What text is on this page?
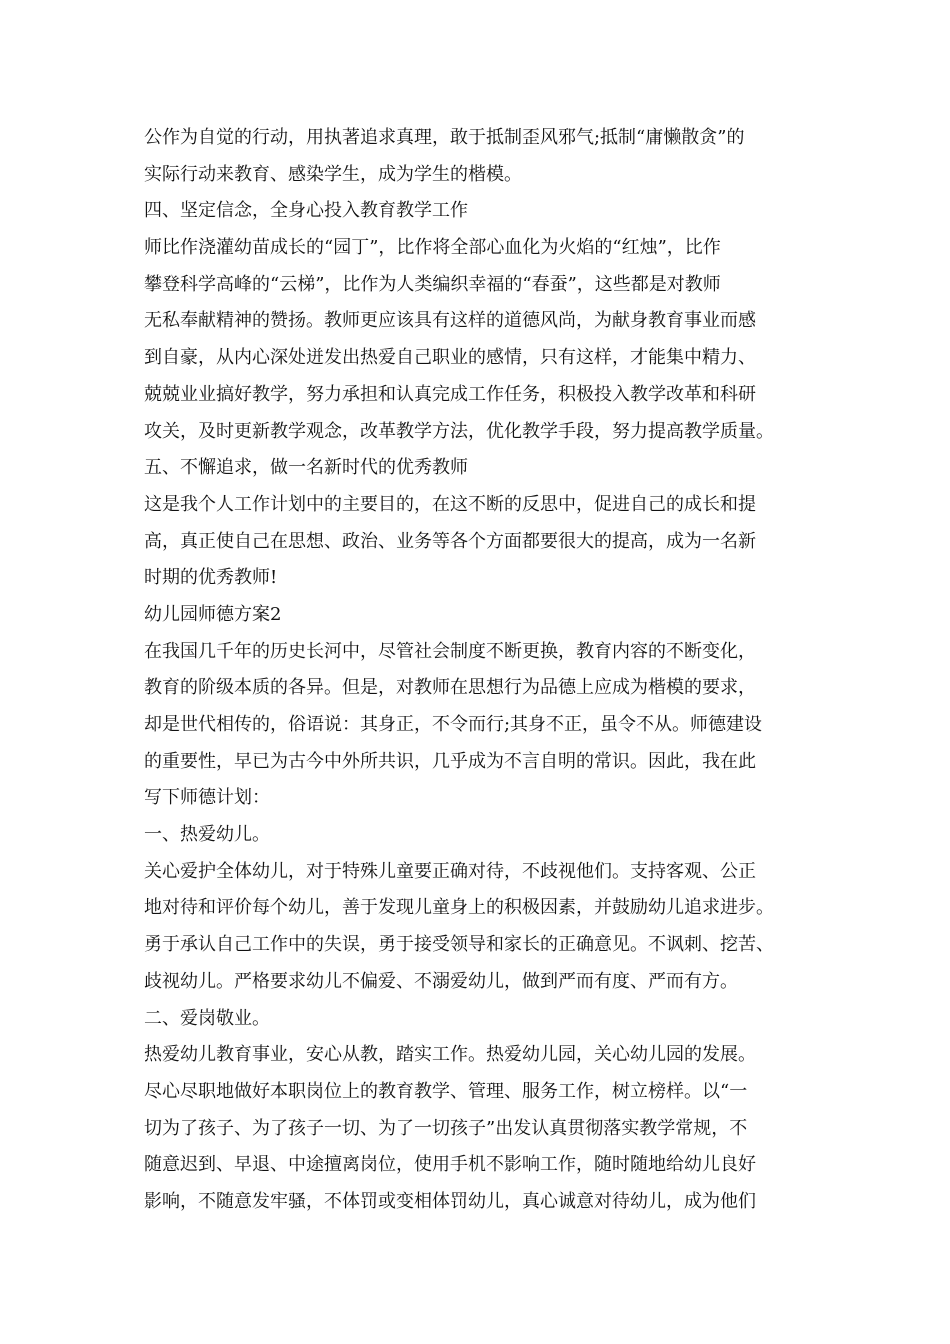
公作为自觉的行动，用执著追求真理，敢于抵制歪风邪气;抵制“庸懒散贪”的
实际行动来教育、感染学生，成为学生的楷模。
四、坚定信念，全身心投入教育教学工作
师比作浇灌幼苗成长的“园丁”，比作将全部心血化为火焰的“红烛”，比作
攀登科学高峰的“云梯”，比作为人类编织幸福的“春蚕”，这些都是对教师
无私奉献精神的赞扬。教师更应该具有这样的道德风尚，为献身教育事业而感
到自豪，从内心深处迸发出热爱自己职业的感情，只有这样，才能集中精力、
兢兢业业搞好教学，努力承担和认真完成工作任务，积极投入教学改革和科研
攻关，及时更新教学观念，改革教学方法，优化教学手段，努力提高教学质量。
五、不懈追求，做一名新时代的优秀教师
这是我个人工作计划中的主要目的，在这不断的反思中，促进自己的成长和提
高，真正使自己在思想、政治、业务等各个方面都要很大的提高，成为一名新
时期的优秀教师!
幼儿园师德方案2
在我国几千年的历史长河中，尽管社会制度不断更换，教育内容的不断变化，
教育的阶级本质的各异。但是，对教师在思想行为品德上应成为楷模的要求，
却是世代相传的，俗语说：其身正，不令而行;其身不正，虽令不从。师德建设
的重要性，早已为古今中外所共识，几乎成为不言自明的常识。因此，我在此
写下师德计划：
一、热爱幼儿。
关心爱护全体幼儿，对于特殊儿童要正确对待，不歧视他们。支持客观、公正
地对待和评价每个幼儿，善于发现儿童身上的积极因素，并鼓励幼儿追求进步。
勇于承认自己工作中的失误，勇于接受领导和家长的正确意见。不讽刺、挖苦、
歧视幼儿。严格要求幼儿不偏爱、不溺爱幼儿，做到严而有度、严而有方。
二、爱岗敬业。
热爱幼儿教育事业，安心从教，踏实工作。热爱幼儿园，关心幼儿园的发展。
尽心尽职地做好本职岗位上的教育教学、管理、服务工作，树立榜样。以“一
切为了孩子、为了孩子一切、为了一切孩子”出发认真贯彻落实教学常规，不
随意迟到、早退、中途擅离岗位，使用手机不影响工作，随时随地给幼儿良好
影响，不随意发牢骚，不体罚或变相体罚幼儿，真心诚意对待幼儿，成为他们
